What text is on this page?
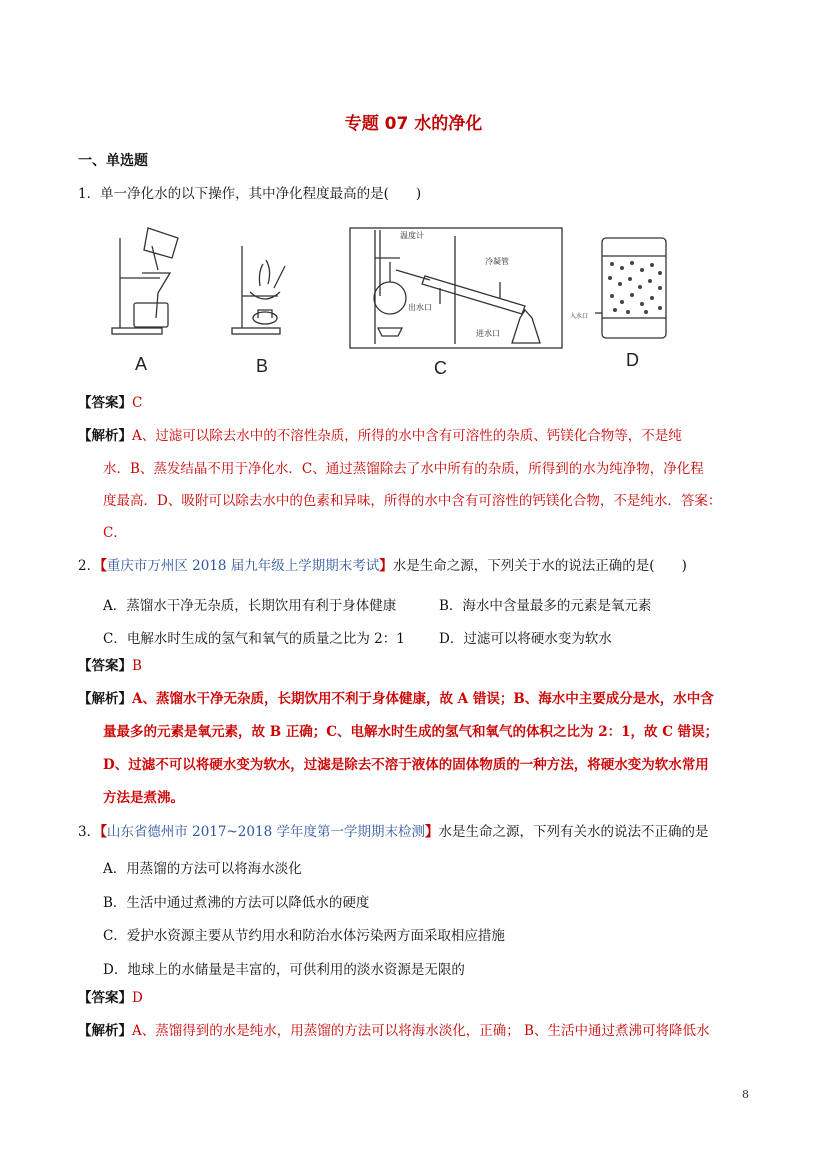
专题 07 水的净化
一、单选题
1．单一净化水的以下操作，其中净化程度最高的是(　　)
温度计
冷凝管
出水口
进水口
入水口
A	B	C	D
【答案】C
【解析】A、过滤可以除去水中的不溶性杂质，所得的水中含有可溶性的杂质、钙镁化合物等，不是纯
水．B、蒸发结晶不用于净化水．C、通过蒸馏除去了水中所有的杂质，所得到的水为纯净物，净化程
度最高．D、吸附可以除去水中的色素和异味，所得的水中含有可溶性的钙镁化合物，不是纯水．答案：
C．
2．【重庆市万州区 2018 届九年级上学期期末考试】水是生命之源，下列关于水的说法正确的是(　　)
A．蒸馏水干净无杂质，长期饮用有利于身体健康	B．海水中含量最多的元素是氧元素
C．电解水时生成的氢气和氧气的质量之比为 2：1	D．过滤可以将硬水变为软水
【答案】B
【解析】A、蒸馏水干净无杂质，长期饮用不利于身体健康，故 A 错误；B、海水中主要成分是水，水中含
量最多的元素是氧元素，故 B 正确；C、电解水时生成的氢气和氧气的体积之比为 2：1，故 C 错误；
D、过滤不可以将硬水变为软水，过滤是除去不溶于液体的固体物质的一种方法，将硬水变为软水常用
方法是煮沸。
3．【山东省德州市 2017~2018 学年度第一学期期末检测】水是生命之源，下列有关水的说法不正确的是
A．用蒸馏的方法可以将海水淡化
B．生活中通过煮沸的方法可以降低水的硬度
C．爱护水资源主要从节约用水和防治水体污染两方面采取相应措施
D．地球上的水储量是丰富的，可供利用的淡水资源是无限的
【答案】D
【解析】A、蒸馏得到的水是纯水，用蒸馏的方法可以将海水淡化，正确； B、生活中通过煮沸可将降低水
8
